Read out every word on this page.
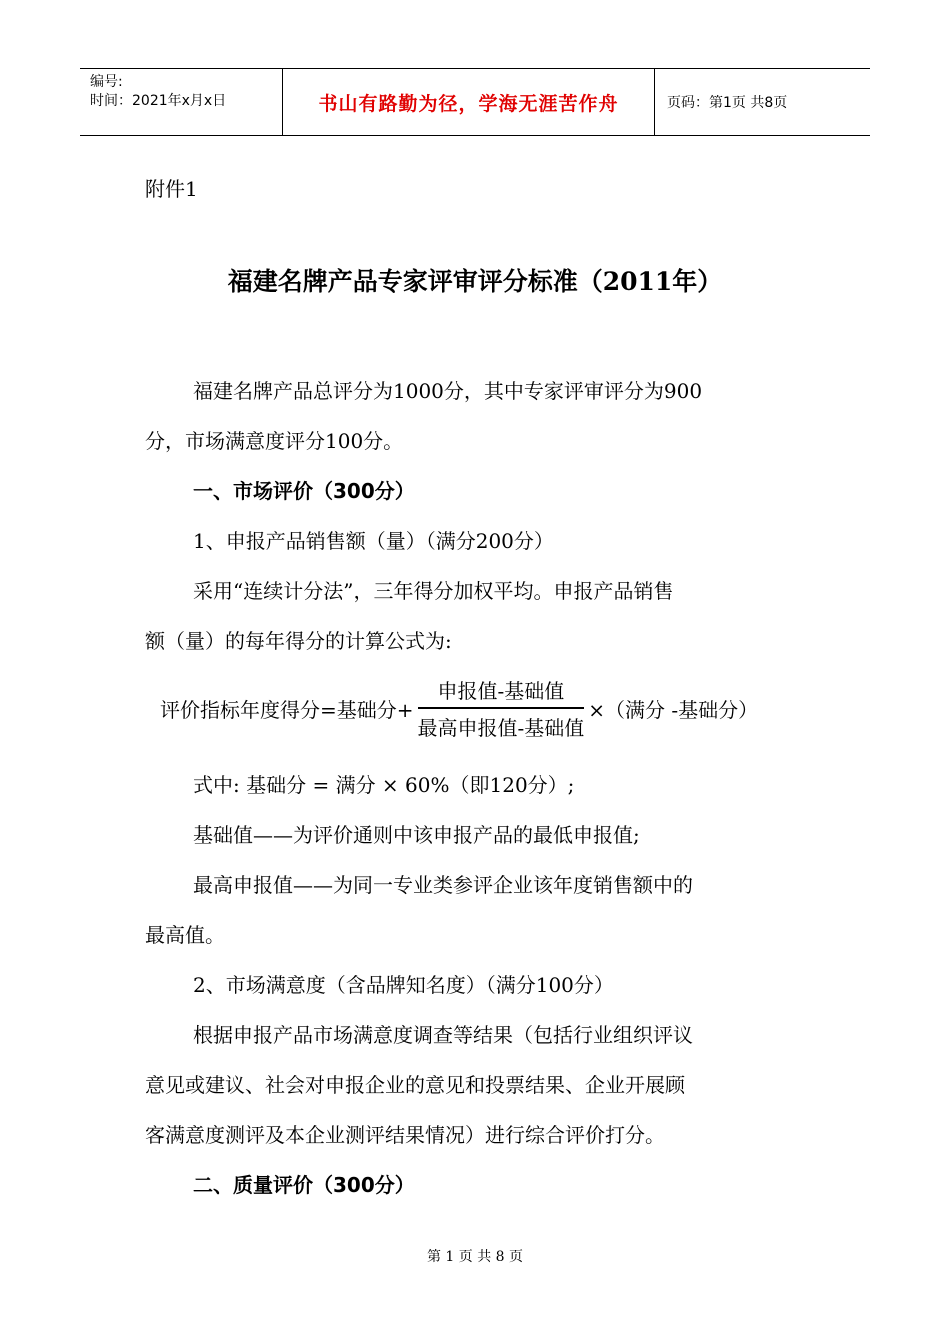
编号:
时间：2021年x月x日	书山有路勤为径，学海无涯苦作舟	页码：第1页 共8页
附件1
福建名牌产品专家评审评分标准（2011年）
福建名牌产品总评分为1000分，其中专家评审评分为900
分，市场满意度评分100分。
一、市场评价（300分）
1、申报产品销售额（量）（满分200分）
采用“连续计分法”，三年得分加权平均。申报产品销售
额（量）的每年得分的计算公式为:
评价指标年度得分=基础分+ $\frac{\text{申报值-基础值}}{\text{最高申报值-基础值}}$ ×（满分 -基础分）
式中: 基础分 = 满分 × 60%（即120分）;
基础值——为评价通则中该申报产品的最低申报值;
最高申报值——为同一专业类参评企业该年度销售额中的
最高值。
2、市场满意度（含品牌知名度）（满分100分）
根据申报产品市场满意度调查等结果（包括行业组织评议
意见或建议、社会对申报企业的意见和投票结果、企业开展顾
客满意度测评及本企业测评结果情况）进行综合评价打分。
二、质量评价（300分）
第 1 页 共 8 页
